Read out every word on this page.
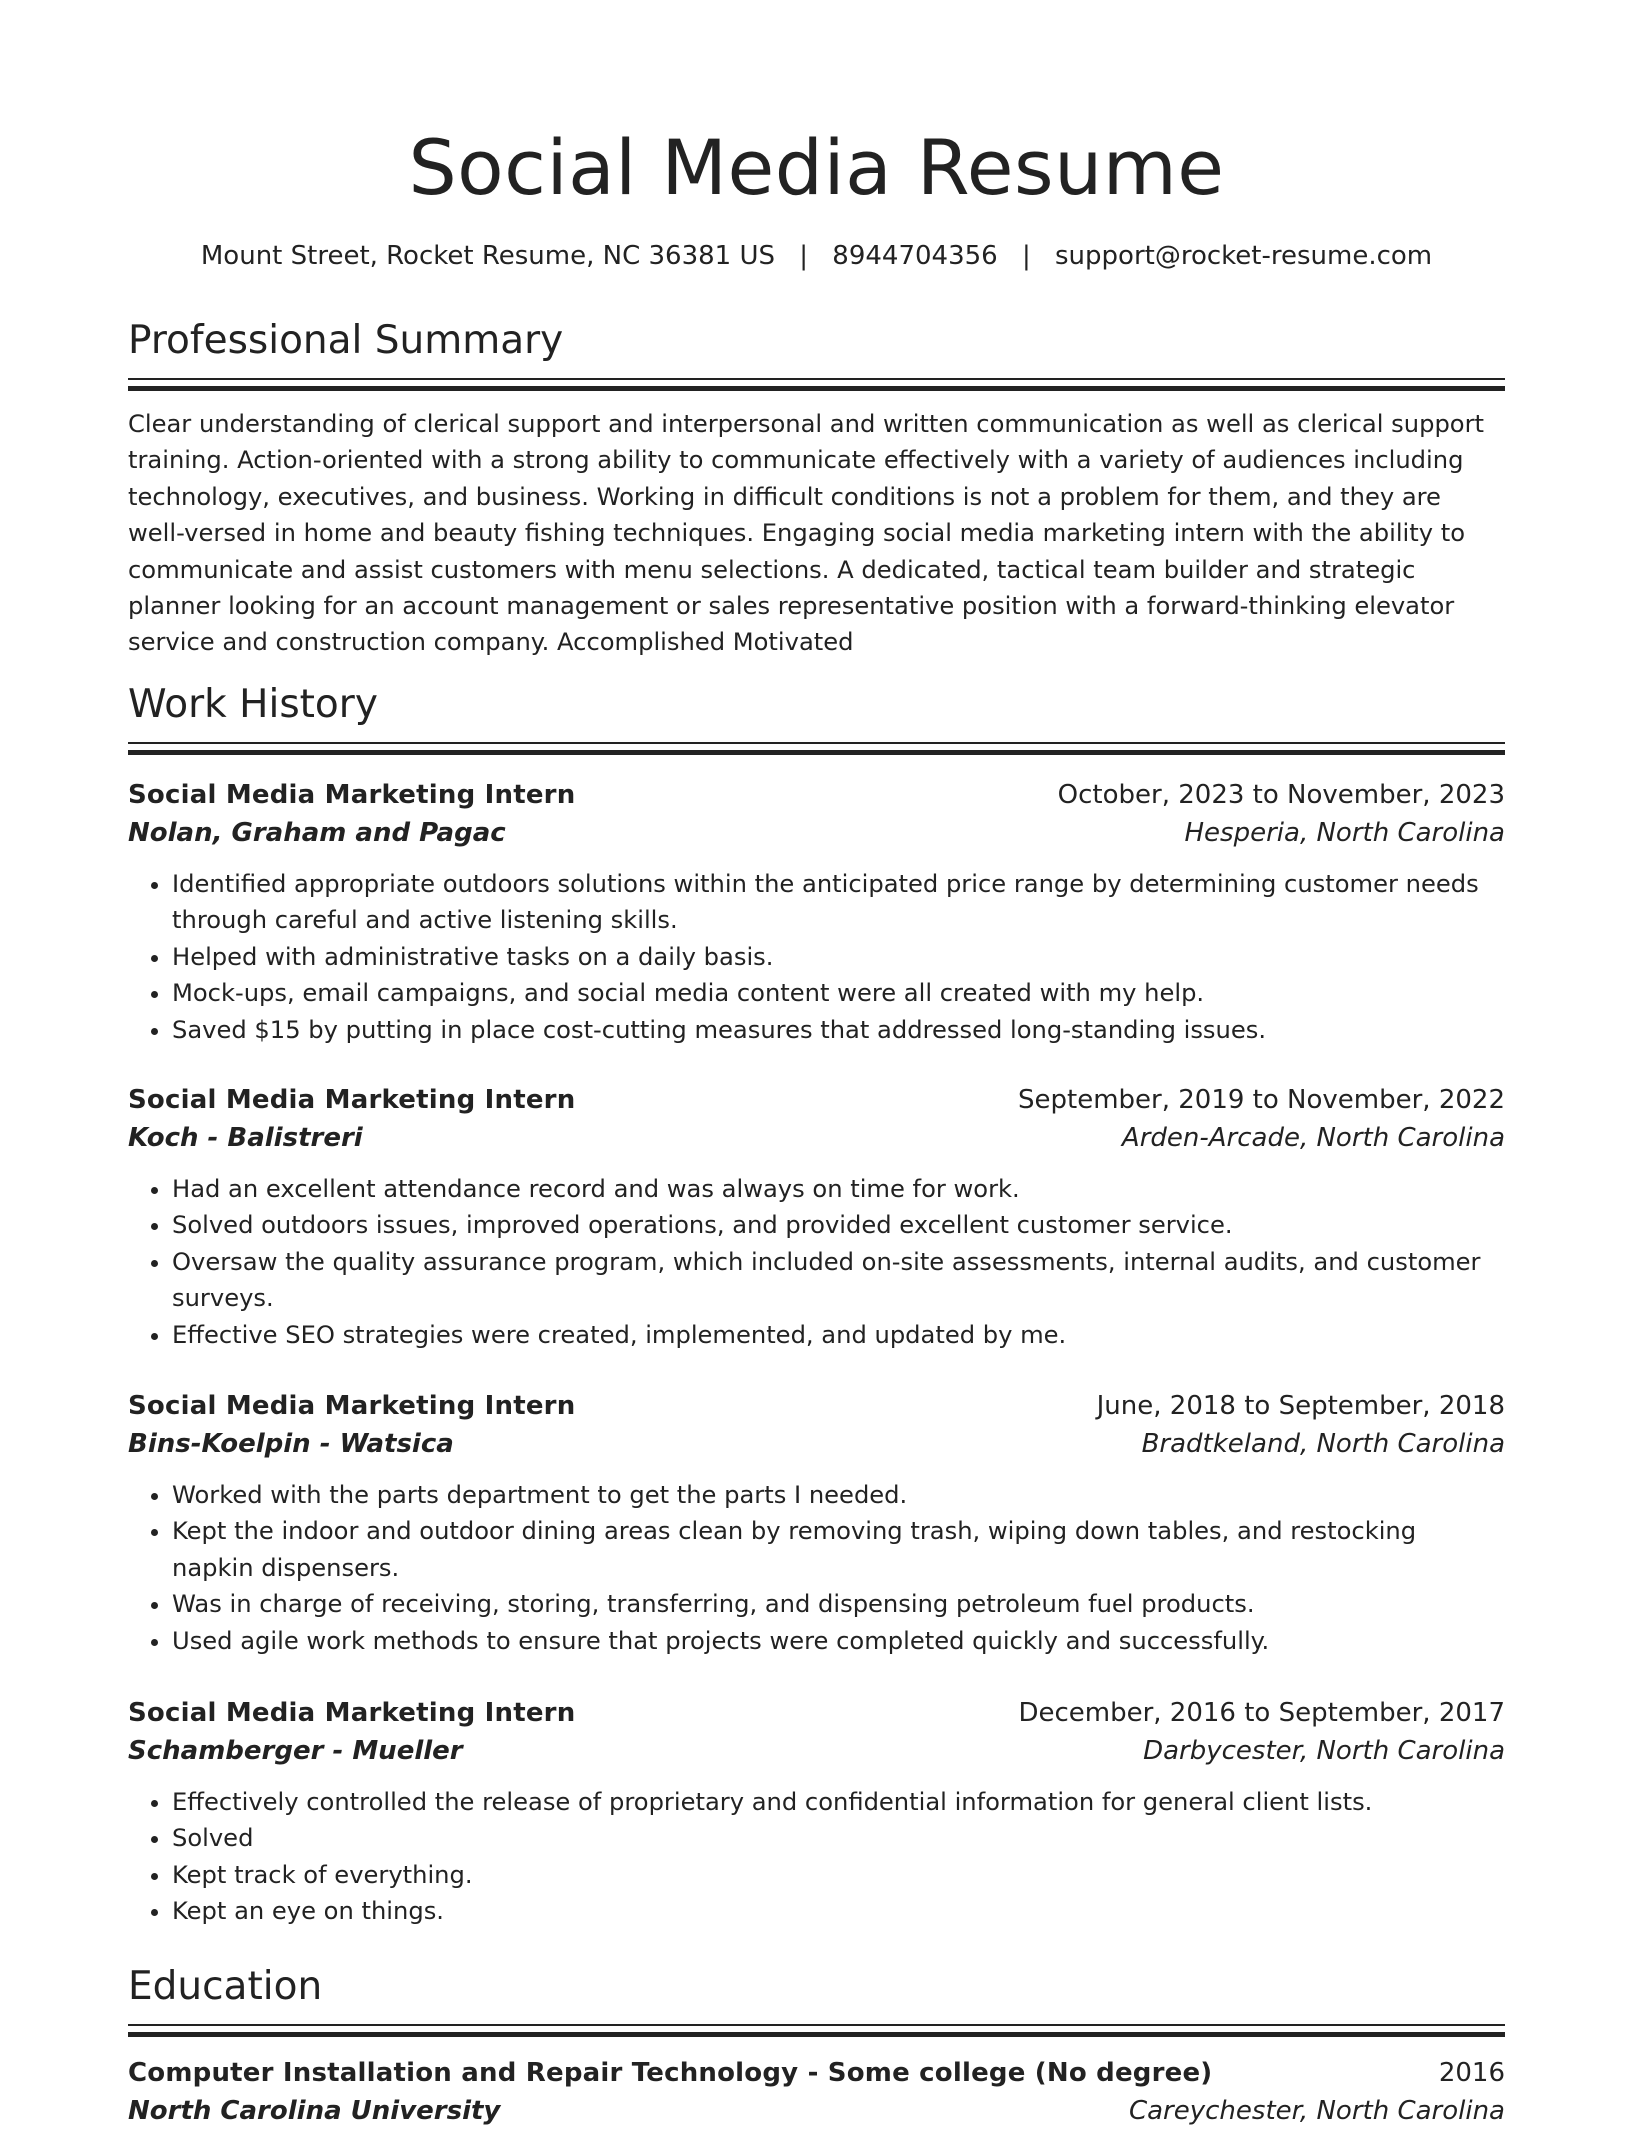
Social Media Resume
Mount Street, Rocket Resume, NC 36381 US | 8944704356 | support@rocket-resume.com
Professional Summary

Clear understanding of clerical support and interpersonal and written communication as well as clerical support training. Action-oriented with a strong ability to communicate effectively with a variety of audiences including technology, executives, and business. Working in difficult conditions is not a problem for them, and they are well-versed in home and beauty fishing techniques. Engaging social media marketing intern with the ability to communicate and assist customers with menu selections. A dedicated, tactical team builder and strategic planner looking for an account management or sales representative position with a forward-thinking elevator service and construction company. Accomplished Motivated

Work History
Social Media Marketing Intern	October, 2023 to November, 2023
Nolan, Graham and Pagac	Hesperia, North Carolina
• Identified appropriate outdoors solutions within the anticipated price range by determining customer needs through careful and active listening skills.
• Helped with administrative tasks on a daily basis.
• Mock-ups, email campaigns, and social media content were all created with my help.
• Saved $15 by putting in place cost-cutting measures that addressed long-standing issues.
Social Media Marketing Intern	September, 2019 to November, 2022
Koch - Balistreri	Arden-Arcade, North Carolina
• Had an excellent attendance record and was always on time for work.
• Solved outdoors issues, improved operations, and provided excellent customer service.
• Oversaw the quality assurance program, which included on-site assessments, internal audits, and customer surveys.
• Effective SEO strategies were created, implemented, and updated by me.
Social Media Marketing Intern	June, 2018 to September, 2018
Bins-Koelpin - Watsica	Bradtkeland, North Carolina
• Worked with the parts department to get the parts I needed.
• Kept the indoor and outdoor dining areas clean by removing trash, wiping down tables, and restocking napkin dispensers.
• Was in charge of receiving, storing, transferring, and dispensing petroleum fuel products.
• Used agile work methods to ensure that projects were completed quickly and successfully.
Social Media Marketing Intern	December, 2016 to September, 2017
Schamberger - Mueller	Darbycester, North Carolina
• Effectively controlled the release of proprietary and confidential information for general client lists.
• Solved
• Kept track of everything.
• Kept an eye on things.
Education
Computer Installation and Repair Technology - Some college (No degree)	2016
North Carolina University	Careychester, North Carolina
